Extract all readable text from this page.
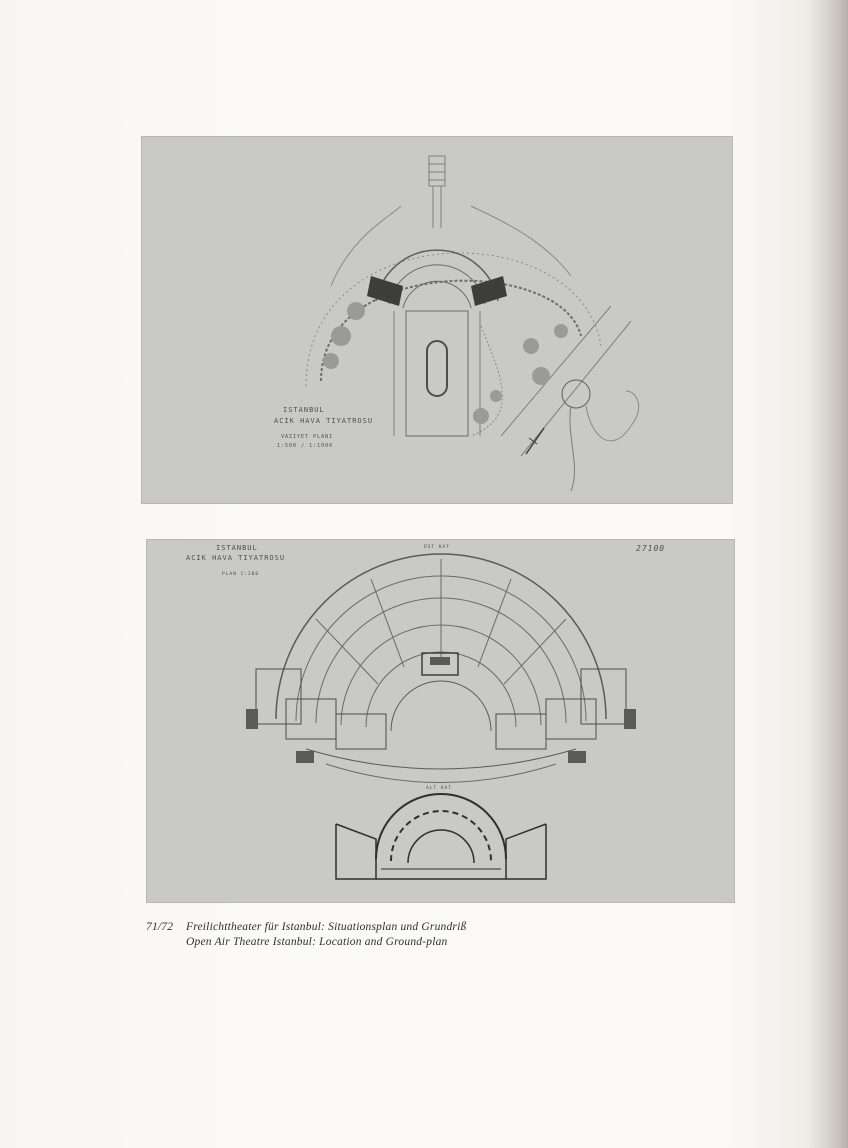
ISTANBUL
ACIK HAVA TIYATROSU
VAZIYET PLANI
1:500 / 1:1000
ISTANBUL
ACIK HAVA TIYATROSU
PLAN 1:200
ÜST KAT
ALT KAT
27100
71/72 Freilichttheater für Istanbul: Situationsplan und Grundriß
Open Air Theatre Istanbul: Location and Ground-plan
